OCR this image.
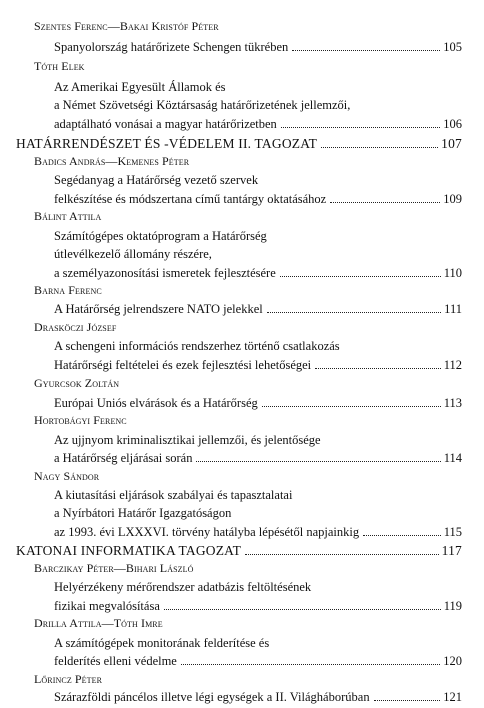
Szentes Ferenc—Bakai Kristóf Péter
Spanyolország határőrizete Schengen tükrében	105
Tóth Elek
Az Amerikai Egyesült Államok és
a Német Szövetségi Köztársaság határőrizetének jellemzői,
adaptálható vonásai a magyar határőrizetben	106
HATÁRRENDÉSZET ÉS -VÉDELEM II. TAGOZAT	107
Badics András—Kemenes Péter
Segédanyag a Határőrség vezető szervek
felkészítése és módszertana című tantárgy oktatásához	109
Bálint Attila
Számítógépes oktatóprogram a Határőrség
útlevélkezelő állomány részére,
a személyazonosítási ismeretek fejlesztésére	110
Barna Ferenc
A Határőrség jelrendszere NATO jelekkel	111
Drasköczi József
A schengeni információs rendszerhez történő csatlakozás
Határőrségi feltételei és ezek fejlesztési lehetőségei	112
Gyurcsok Zoltán
Európai Uniós elvárások és a Határőrség	113
Hortobágyi Ferenc
Az ujjnyom kriminalisztikai jellemzői, és jelentősége
a Határőrség eljárásai során	114
Nagy Sándor
A kiutasítási eljárások szabályai és tapasztalatai
a Nyírbátori Határőr Igazgatóságon
az 1993. évi LXXXVI. törvény hatályba lépésétől napjainkig	115
KATONAI INFORMATIKA TAGOZAT	117
Barczikay Péter—Bihari László
Helyérzékeny mérőrendszer adatbázis feltöltésének
fizikai megvalósítása	119
Drilla Attila—Tóth Imre
A számítógépek monitorának felderítése és
felderítés elleni védelme	120
Lőrincz Péter
Szárazföldi páncélos illetve légi egységek a II. Világháborúban	121
